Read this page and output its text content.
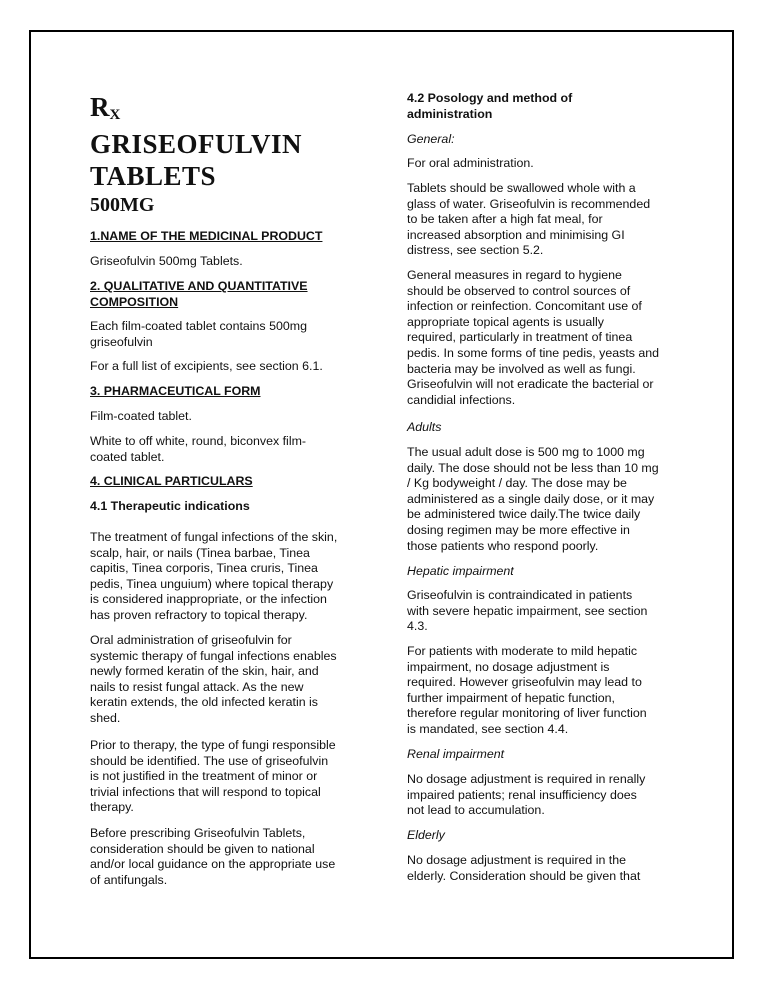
$R_X$
GRISEOFULVIN
TABLETS
500MG

1.NAME OF THE MEDICINAL PRODUCT

Griseofulvin 500mg Tablets.

2. QUALITATIVE AND QUANTITATIVE
COMPOSITION

Each film-coated tablet contains 500mg
griseofulvin

For a full list of excipients, see section 6.1.

3. PHARMACEUTICAL FORM

Film-coated tablet.

White to off white, round, biconvex film-
coated tablet.

4. CLINICAL PARTICULARS

4.1 Therapeutic indications

The treatment of fungal infections of the skin,
scalp, hair, or nails (Tinea barbae, Tinea
capitis, Tinea corporis, Tinea cruris, Tinea
pedis, Tinea unguium) where topical therapy
is considered inappropriate, or the infection
has proven refractory to topical therapy.

Oral administration of griseofulvin for
systemic therapy of fungal infections enables
newly formed keratin of the skin, hair, and
nails to resist fungal attack. As the new
keratin extends, the old infected keratin is
shed.

Prior to therapy, the type of fungi responsible
should be identified. The use of griseofulvin
is not justified in the treatment of minor or
trivial infections that will respond to topical
therapy.

Before prescribing Griseofulvin Tablets,
consideration should be given to national
and/or local guidance on the appropriate use
of antifungals.

4.2 Posology and method of
administration

General:

For oral administration.

Tablets should be swallowed whole with a
glass of water. Griseofulvin is recommended
to be taken after a high fat meal, for
increased absorption and minimising GI
distress, see section 5.2.

General measures in regard to hygiene
should be observed to control sources of
infection or reinfection. Concomitant use of
appropriate topical agents is usually
required, particularly in treatment of tinea
pedis. In some forms of tine pedis, yeasts and
bacteria may be involved as well as fungi.
Griseofulvin will not eradicate the bacterial or
candidial infections.

Adults

The usual adult dose is 500 mg to 1000 mg
daily. The dose should not be less than 10 mg
/ Kg bodyweight / day. The dose may be
administered as a single daily dose, or it may
be administered twice daily.The twice daily
dosing regimen may be more effective in
those patients who respond poorly.

Hepatic impairment

Griseofulvin is contraindicated in patients
with severe hepatic impairment, see section
4.3.

For patients with moderate to mild hepatic
impairment, no dosage adjustment is
required. However griseofulvin may lead to
further impairment of hepatic function,
therefore regular monitoring of liver function
is mandated, see section 4.4.

Renal impairment

No dosage adjustment is required in renally
impaired patients; renal insufficiency does
not lead to accumulation.

Elderly

No dosage adjustment is required in the
elderly. Consideration should be given that
